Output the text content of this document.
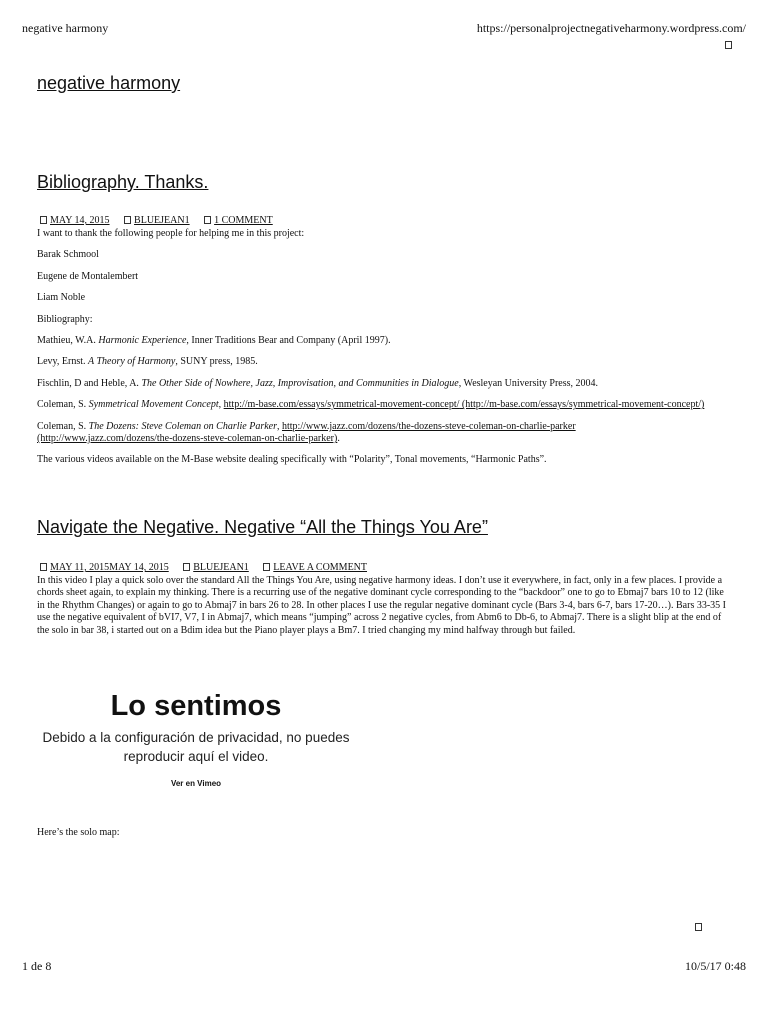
negative harmony	https://personalprojectnegativeharmony.wordpress.com/
negative harmony
Bibliography. Thanks.
MAY 14, 2015 BLUEJEAN1 1 COMMENT

I want to thank the following people for helping me in this project:

Barak Schmool

Eugene de Montalembert

Liam Noble

Bibliography:

Mathieu, W.A. Harmonic Experience, Inner Traditions Bear and Company (April 1997).

Levy, Ernst. A Theory of Harmony, SUNY press, 1985.

Fischlin, D and Heble, A. The Other Side of Nowhere, Jazz, Improvisation, and Communities in Dialogue, Wesleyan University Press, 2004.

Coleman, S. Symmetrical Movement Concept, http://m-base.com/essays/symmetrical-movement-concept/ (http://m-base.com/essays/symmetrical-movement-concept/)

Coleman, S. The Dozens: Steve Coleman on Charlie Parker, http://www.jazz.com/dozens/the-dozens-steve-coleman-on-charlie-parker (http://www.jazz.com/dozens/the-dozens-steve-coleman-on-charlie-parker).

The various videos available on the M-Base website dealing specifically with “Polarity”, Tonal movements, “Harmonic Paths”.

Navigate the Negative. Negative “All the Things You Are”
MAY 11, 2015MAY 14, 2015 BLUEJEAN1 LEAVE A COMMENT

In this video I play a quick solo over the standard All the Things You Are, using negative harmony ideas. I don’t use it everywhere, in fact, only in a few places. I provide a chords sheet again, to explain my thinking. There is a recurring use of the negative dominant cycle corresponding to the “backdoor” one to go to Ebmaj7 bars 10 to 12 (like in the Rhythm Changes) or again to go to Abmaj7 in bars 26 to 28. In other places I use the regular negative dominant cycle (Bars 3-4, bars 6-7, bars 17-20…). Bars 33-35 I use the negative equivalent of bVI7, V7, I in Abmaj7, which means “jumping” across 2 negative cycles, from Abm6 to Db-6, to Abmaj7. There is a slight blip at the end of the solo in bar 38, i started out on a Bdim idea but the Piano player plays a Bm7. I tried changing my mind halfway through but failed.

Lo sentimos
Debido a la configuración de privacidad, no puedes reproducir aquí el video.
Ver en Vimeo

Here’s the solo map:

1 de 8	10/5/17 0:48
